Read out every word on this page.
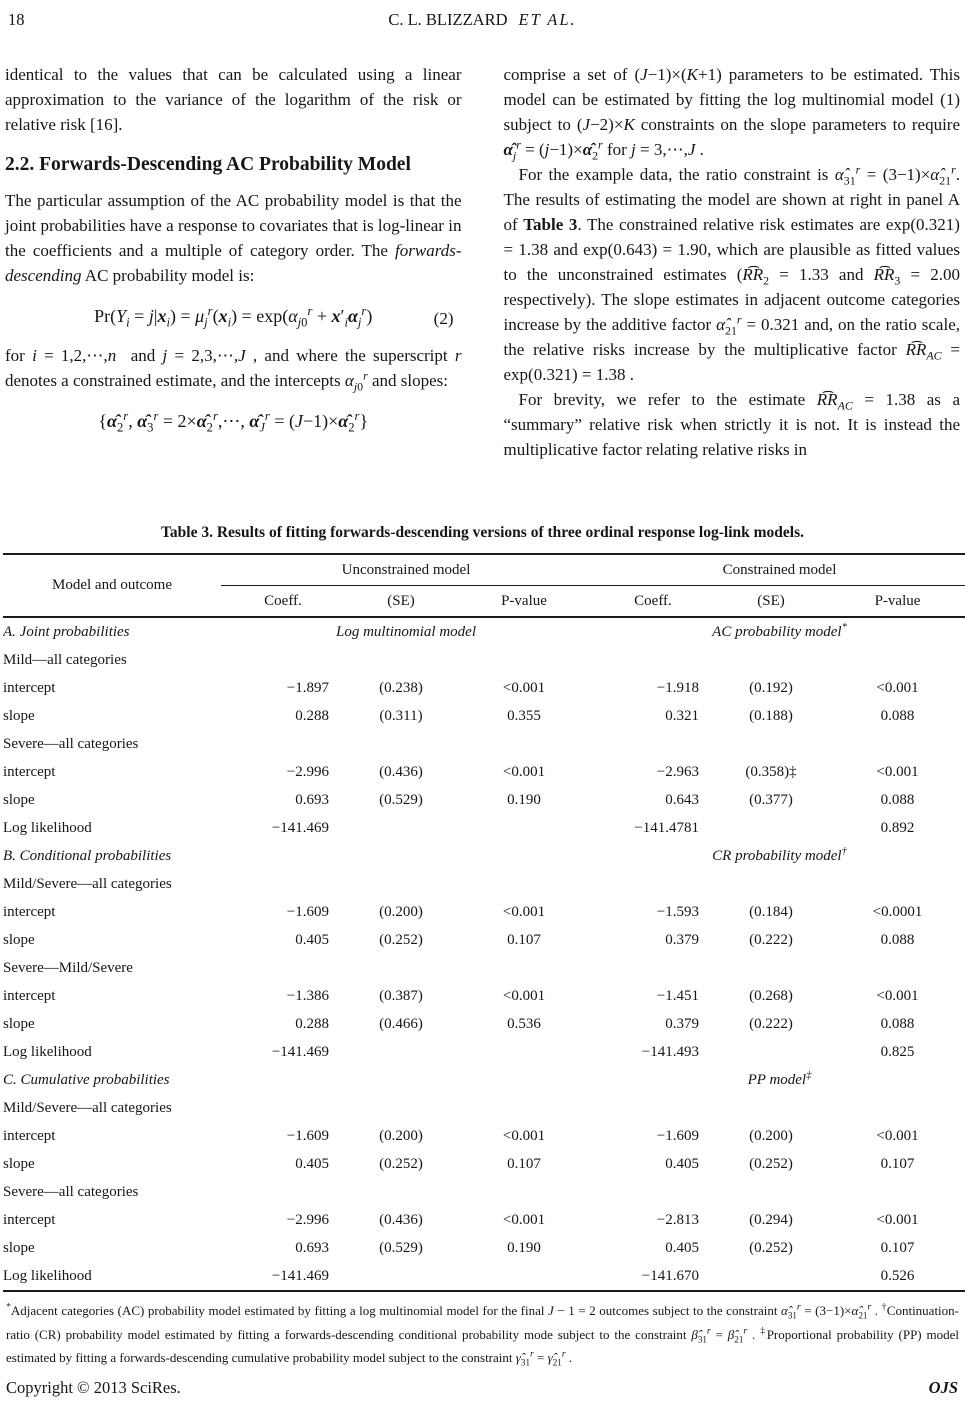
18	C. L. BLIZZARD ET AL.

identical to the values that can be calculated using a linear approximation to the variance of the logarithm of the risk or relative risk [16].

2.2. Forwards-Descending AC Probability Model

The particular assumption of the AC probability model is that the joint probabilities have a response to covariates that is log-linear in the coefficients and a multiple of category order. The forwards-descending AC probability model is:

$Pr(Y_i = j|x_i) = \mu_j^r(x_i) = \exp(\alpha_{j0}^r + x'_i\alpha_j^r)$	(2)

for i = 1,2,⋯,n  and j = 2,3,⋯,J , and where the superscript r denotes a constrained estimate, and the intercepts $\alpha_{j0}^r$ and slopes:

{$\alphâ_2^r$, $\alphâ_3^r$ = $2\times\alphâ_2^r,\cdots$, $\alphâ_J^r$ = $(J-1)\times\alphâ_2^r$}

comprise a set of (J−1)×(K+1) parameters to be estimated. This model can be estimated by fitting the log multinomial model (1) subject to (J−2)×K constraints on the slope parameters to require $\alphâ_j^r$ = $(j-1)\times\alphâ_2^r$ for j = 3,⋯,J .

For the example data, the ratio constraint is $\alphâ_{31}^r$ = $(3-1)\times\alphâ_{21}^r$. The results of estimating the model are shown at right in panel A of Table 3. The constrained relative risk estimates are exp(0.321) = 1.38 and exp(0.643) = 1.90, which are plausible as fitted values to the unconstrained estimates ($R͡R_2 = 1.33$ and $R͡R_3 = 2.00$ respectively). The slope estimates in adjacent outcome categories increase by the additive factor $\alphâ_{21}^r = 0.321$ and, on the ratio scale, the relative risks increase by the multiplicative factor $R͡R_{AC} = \exp(0.321) = 1.38$ .

For brevity, we refer to the estimate $R͡R_{AC} = 1.38$ as a “summary” relative risk when strictly it is not. It is instead the multiplicative factor relating relative risks in

Table 3. Results of fitting forwards-descending versions of three ordinal response log-link models.
Model and outcome	Unconstrained model			Constrained model		
	Coeff.	(SE)	P-value	Coeff.	(SE)	P-value
A. Joint probabilities	Log multinomial model			AC probability model*
Mild—all categories						
intercept	−1.897	(0.238)	<0.001	−1.918	(0.192)	<0.001
slope	0.288	(0.311)	0.355	0.321	(0.188)	0.088
Severe—all categories						
intercept	−2.996	(0.436)	<0.001	−2.963	(0.358)‡	<0.001
slope	0.693	(0.529)	0.190	0.643	(0.377)	0.088
Log likelihood	−141.469			−141.4781		0.892
B. Conditional probabilities				CR probability model†
Mild/Severe—all categories						
intercept	−1.609	(0.200)	<0.001	−1.593	(0.184)	<0.0001
slope	0.405	(0.252)	0.107	0.379	(0.222)	0.088
Severe—Mild/Severe						
intercept	−1.386	(0.387)	<0.001	−1.451	(0.268)	<0.001
slope	0.288	(0.466)	0.536	0.379	(0.222)	0.088
Log likelihood	−141.469			−141.493		0.825
C. Cumulative probabilities				PP model‡
Mild/Severe—all categories						
intercept	−1.609	(0.200)	<0.001	−1.609	(0.200)	<0.001
slope	0.405	(0.252)	0.107	0.405	(0.252)	0.107
Severe—all categories						
intercept	−2.996	(0.436)	<0.001	−2.813	(0.294)	<0.001
slope	0.693	(0.529)	0.190	0.405	(0.252)	0.107
Log likelihood	−141.469			−141.670		0.526
*Adjacent categories (AC) probability model estimated by fitting a log multinomial model for the final J − 1 = 2 outcomes subject to the constraint $\alphâ_{31}^r$ = $(3-1)\times\alphâ_{21}^r$ . †Continuation-ratio (CR) probability model estimated by fitting a forwards-descending conditional probability mode subject to the constraint $\betâ_{31}^r$ = $\betâ_{21}^r$ . ‡Proportional probability (PP) model estimated by fitting a forwards-descending cumulative probability model subject to the constraint $\gammâ_{31}^r$ = $\gammâ_{21}^r$ .
Copyright © 2013 SciRes.	OJS
